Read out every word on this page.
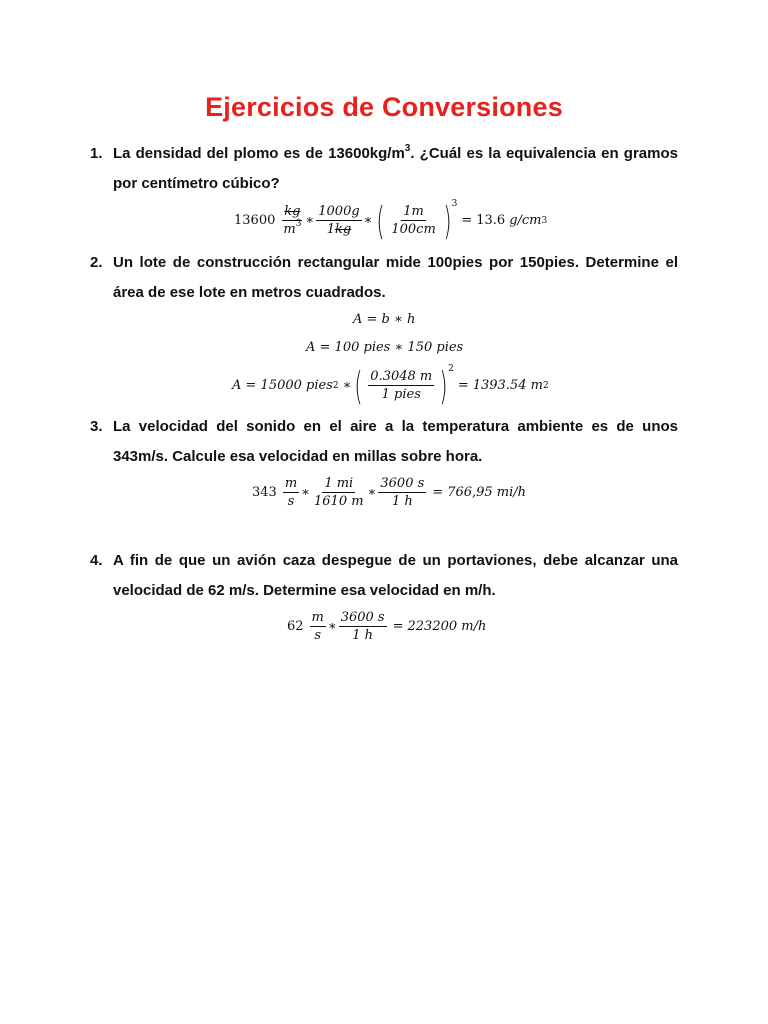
Ejercicios de Conversiones
1. La densidad del plomo es de $13600kg/m^3$. ¿Cuál es la equivalencia en gramos por centímetro cúbico?
$13600 \frac{kg}{m^3}$ ∗ $\frac{1000g}{1kg}$ ∗ ( $\frac{1m}{100cm}$ ) 3
= 13.6 g/cm 3
2. Un lote de construcción rectangular mide 100pies por 150pies. Determine el área de ese lote en metros cuadrados.
A = b ∗ h
A = 100 pies ∗ 150 pies
A = 15000 pies 2 ∗ ( $\frac{0.3048 m}{\text{1 pies}}$ ) 2
= 1393.54 m 2
3. La velocidad del sonido en el aire a la temperatura ambiente es de unos 343m/s. Calcule esa velocidad en millas sobre hora.
$343 \frac{m}{s}$ ∗ $\frac{1 mi}{1610 m}$ ∗ $\frac{3600 s}{1 h} = 766,95$ mi/h
4. A fin de que un avión caza despegue de un portaviones, debe alcanzar una velocidad de 62 m/s. Determine esa velocidad en m/h.
$62 \frac{m}{s}$ ∗ $\frac{3600 s}{1 h} = 223200$ m/h
